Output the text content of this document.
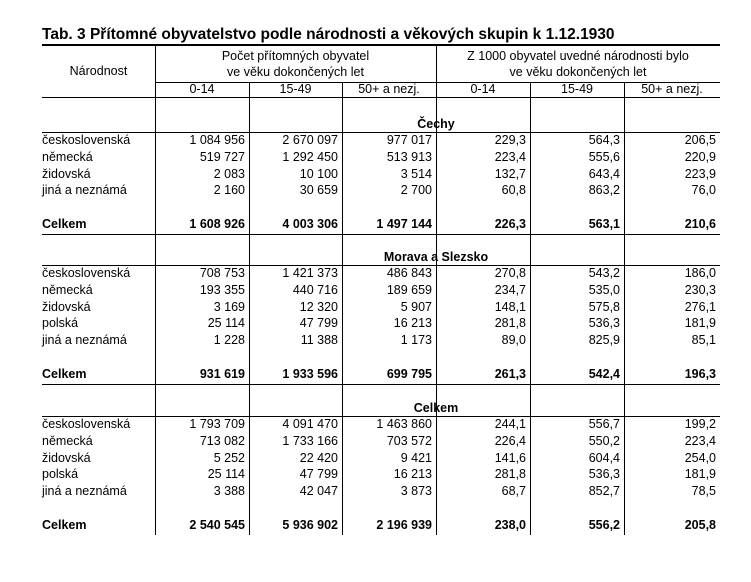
Tab. 3 Přítomné obyvatelstvo podle národnosti a věkových skupin k 1.12.1930
Národnost
Počet přítomných obyvatel
ve věku dokončených let
Z 1000 obyvatel uvedné národnosti bylo
ve věku dokončených let
0-14	15-49	50+ a nezj.	0-14	15-49	50+ a nezj.
Čechy
československá	1 084 956	2 670 097	977 017	229,3	564,3	206,5
německá	519 727	1 292 450	513 913	223,4	555,6	220,9
židovská	2 083	10 100	3 514	132,7	643,4	223,9
jiná a neznámá	2 160	30 659	2 700	60,8	863,2	76,0
Celkem	1 608 926	4 003 306	1 497 144	226,3	563,1	210,6
Morava a Slezsko
československá	708 753	1 421 373	486 843	270,8	543,2	186,0
německá	193 355	440 716	189 659	234,7	535,0	230,3
židovská	3 169	12 320	5 907	148,1	575,8	276,1
polská	25 114	47 799	16 213	281,8	536,3	181,9
jiná a neznámá	1 228	11 388	1 173	89,0	825,9	85,1
Celkem	931 619	1 933 596	699 795	261,3	542,4	196,3
Celkem
československá	1 793 709	4 091 470	1 463 860	244,1	556,7	199,2
německá	713 082	1 733 166	703 572	226,4	550,2	223,4
židovská	5 252	22 420	9 421	141,6	604,4	254,0
polská	25 114	47 799	16 213	281,8	536,3	181,9
jiná a neznámá	3 388	42 047	3 873	68,7	852,7	78,5
Celkem	2 540 545	5 936 902	2 196 939	238,0	556,2	205,8
